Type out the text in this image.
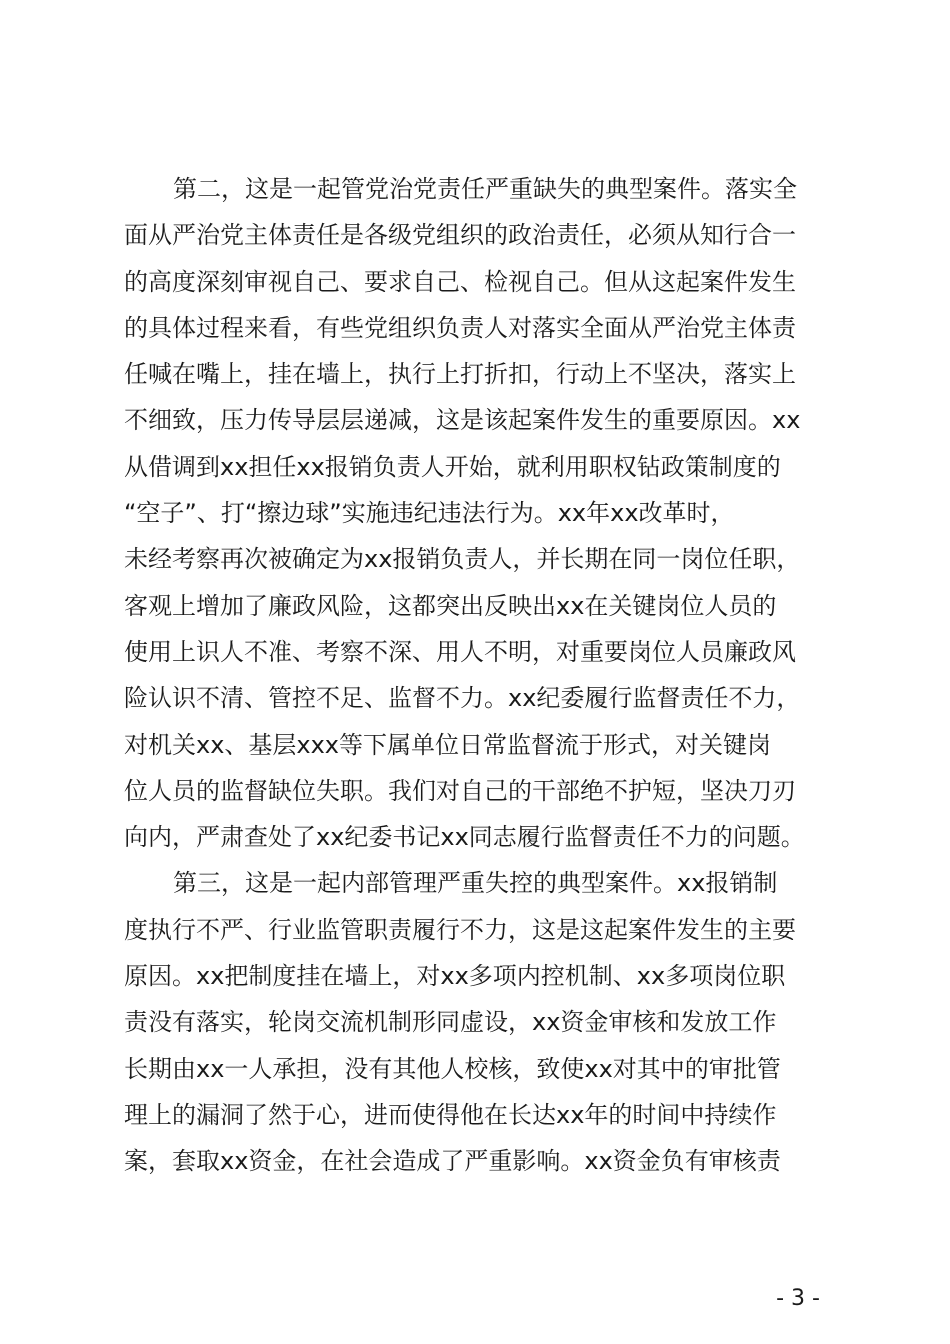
第二，这是一起管党治党责任严重缺失的典型案件。落实全
面从严治党主体责任是各级党组织的政治责任，必须从知行合一
的高度深刻审视自己、要求自己、检视自己。但从这起案件发生
的具体过程来看，有些党组织负责人对落实全面从严治党主体责
任喊在嘴上，挂在墙上，执行上打折扣，行动上不坚决，落实上
不细致，压力传导层层递减，这是该起案件发生的重要原因。xx
从借调到xx担任xx报销负责人开始，就利用职权钻政策制度的
“空子”、打“擦边球”实施违纪违法行为。xx年xx改革时，
未经考察再次被确定为xx报销负责人，并长期在同一岗位任职，
客观上增加了廉政风险，这都突出反映出xx在关键岗位人员的
使用上识人不准、考察不深、用人不明，对重要岗位人员廉政风
险认识不清、管控不足、监督不力。xx纪委履行监督责任不力，
对机关xx、基层xxx等下属单位日常监督流于形式，对关键岗
位人员的监督缺位失职。我们对自己的干部绝不护短，坚决刀刃
向内，严肃查处了xx纪委书记xx同志履行监督责任不力的问题。
第三，这是一起内部管理严重失控的典型案件。xx报销制
度执行不严、行业监管职责履行不力，这是这起案件发生的主要
原因。xx把制度挂在墙上，对xx多项内控机制、xx多项岗位职
责没有落实，轮岗交流机制形同虚设，xx资金审核和发放工作
长期由xx一人承担，没有其他人校核，致使xx对其中的审批管
理上的漏洞了然于心，进而使得他在长达xx年的时间中持续作
案，套取xx资金，在社会造成了严重影响。xx资金负有审核责
- 3 -
